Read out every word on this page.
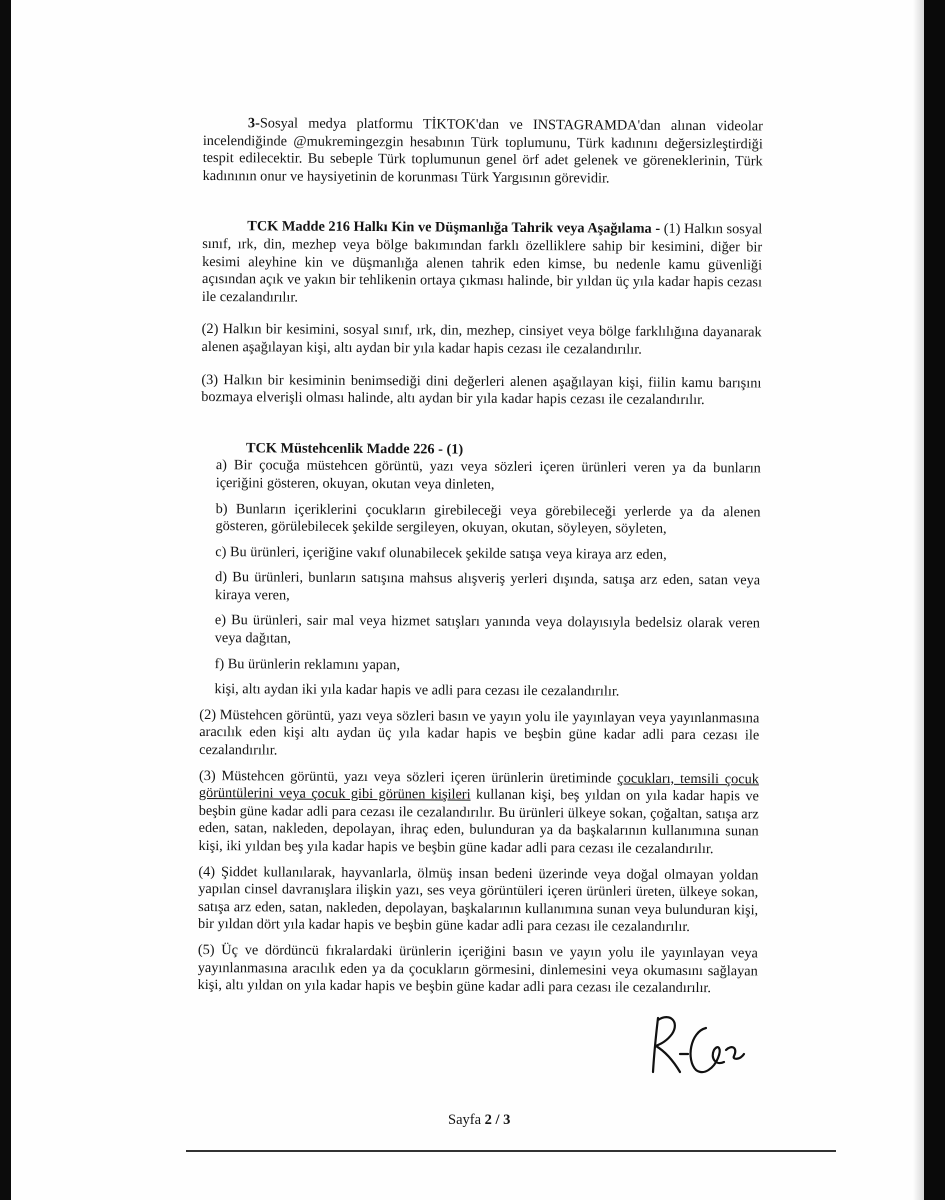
3-Sosyal medya platformu TİKTOK'dan ve INSTAGRAMDA'dan alınan videolar incelendiğinde @mukremingezgin hesabının Türk toplumunu, Türk kadınını değersizleştirdiği tespit edilecektir. Bu sebeple Türk toplumunun genel örf adet gelenek ve göreneklerinin, Türk kadınının onur ve haysiyetinin de korunması Türk Yargısının görevidir.

TCK Madde 216 Halkı Kin ve Düşmanlığa Tahrik veya Aşağılama - (1) Halkın sosyal sınıf, ırk, din, mezhep veya bölge bakımından farklı özelliklere sahip bir kesimini, diğer bir kesimi aleyhine kin ve düşmanlığa alenen tahrik eden kimse, bu nedenle kamu güvenliği açısından açık ve yakın bir tehlikenin ortaya çıkması halinde, bir yıldan üç yıla kadar hapis cezası ile cezalandırılır.

(2) Halkın bir kesimini, sosyal sınıf, ırk, din, mezhep, cinsiyet veya bölge farklılığına dayanarak alenen aşağılayan kişi, altı aydan bir yıla kadar hapis cezası ile cezalandırılır.

(3) Halkın bir kesiminin benimsediği dini değerleri alenen aşağılayan kişi, fiilin kamu barışını bozmaya elverişli olması halinde, altı aydan bir yıla kadar hapis cezası ile cezalandırılır.

TCK Müstehcenlik Madde 226 - (1)

a) Bir çocuğa müstehcen görüntü, yazı veya sözleri içeren ürünleri veren ya da bunların içeriğini gösteren, okuyan, okutan veya dinleten,

b) Bunların içeriklerini çocukların girebileceği veya görebileceği yerlerde ya da alenen gösteren, görülebilecek şekilde sergileyen, okuyan, okutan, söyleyen, söyleten,

c) Bu ürünleri, içeriğine vakıf olunabilecek şekilde satışa veya kiraya arz eden,

d) Bu ürünleri, bunların satışına mahsus alışveriş yerleri dışında, satışa arz eden, satan veya kiraya veren,

e) Bu ürünleri, sair mal veya hizmet satışları yanında veya dolayısıyla bedelsiz olarak veren veya dağıtan,

f) Bu ürünlerin reklamını yapan,

kişi, altı aydan iki yıla kadar hapis ve adli para cezası ile cezalandırılır.

(2) Müstehcen görüntü, yazı veya sözleri basın ve yayın yolu ile yayınlayan veya yayınlanmasına aracılık eden kişi altı aydan üç yıla kadar hapis ve beşbin güne kadar adli para cezası ile cezalandırılır.

(3) Müstehcen görüntü, yazı veya sözleri içeren ürünlerin üretiminde çocukları, temsili çocuk görüntülerini veya çocuk gibi görünen kişileri kullanan kişi, beş yıldan on yıla kadar hapis ve beşbin güne kadar adli para cezası ile cezalandırılır. Bu ürünleri ülkeye sokan, çoğaltan, satışa arz eden, satan, nakleden, depolayan, ihraç eden, bulunduran ya da başkalarının kullanımına sunan kişi, iki yıldan beş yıla kadar hapis ve beşbin güne kadar adli para cezası ile cezalandırılır.

(4) Şiddet kullanılarak, hayvanlarla, ölmüş insan bedeni üzerinde veya doğal olmayan yoldan yapılan cinsel davranışlara ilişkin yazı, ses veya görüntüleri içeren ürünleri üreten, ülkeye sokan, satışa arz eden, satan, nakleden, depolayan, başkalarının kullanımına sunan veya bulunduran kişi, bir yıldan dört yıla kadar hapis ve beşbin güne kadar adli para cezası ile cezalandırılır.

(5) Üç ve dördüncü fıkralardaki ürünlerin içeriğini basın ve yayın yolu ile yayınlayan veya yayınlanmasına aracılık eden ya da çocukların görmesini, dinlemesini veya okumasını sağlayan kişi, altı yıldan on yıla kadar hapis ve beşbin güne kadar adli para cezası ile cezalandırılır.

Sayfa 2 / 3
